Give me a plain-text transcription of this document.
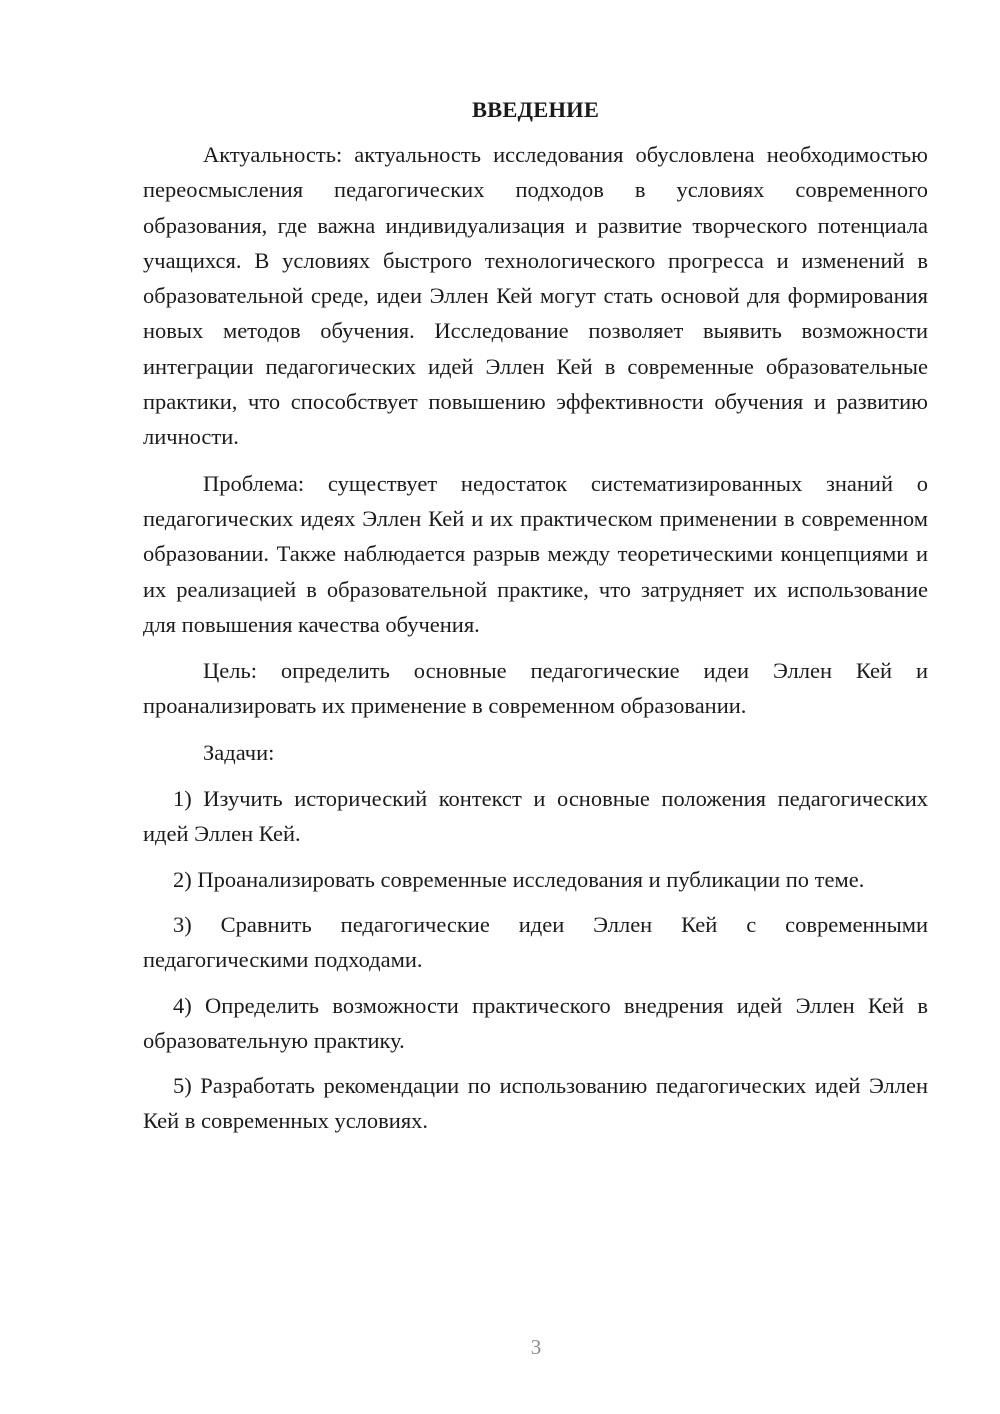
ВВЕДЕНИЕ

Актуальность: актуальность исследования обусловлена необходимостью переосмысления педагогических подходов в условиях современного образования, где важна индивидуализация и развитие творческого потенциала учащихся. В условиях быстрого технологического прогресса и изменений в образовательной среде, идеи Эллен Кей могут стать основой для формирования новых методов обучения. Исследование позволяет выявить возможности интеграции педагогических идей Эллен Кей в современные образовательные практики, что способствует повышению эффективности обучения и развитию личности.

Проблема: существует недостаток систематизированных знаний о педагогических идеях Эллен Кей и их практическом применении в современном образовании. Также наблюдается разрыв между теоретическими концепциями и их реализацией в образовательной практике, что затрудняет их использование для повышения качества обучения.

Цель: определить основные педагогические идеи Эллен Кей и проанализировать их применение в современном образовании.

Задачи:

1) Изучить исторический контекст и основные положения педагогических идей Эллен Кей.

2) Проанализировать современные исследования и публикации по теме.

3) Сравнить педагогические идеи Эллен Кей с современными педагогическими подходами.

4) Определить возможности практического внедрения идей Эллен Кей в образовательную практику.

5) Разработать рекомендации по использованию педагогических идей Эллен Кей в современных условиях.

3
